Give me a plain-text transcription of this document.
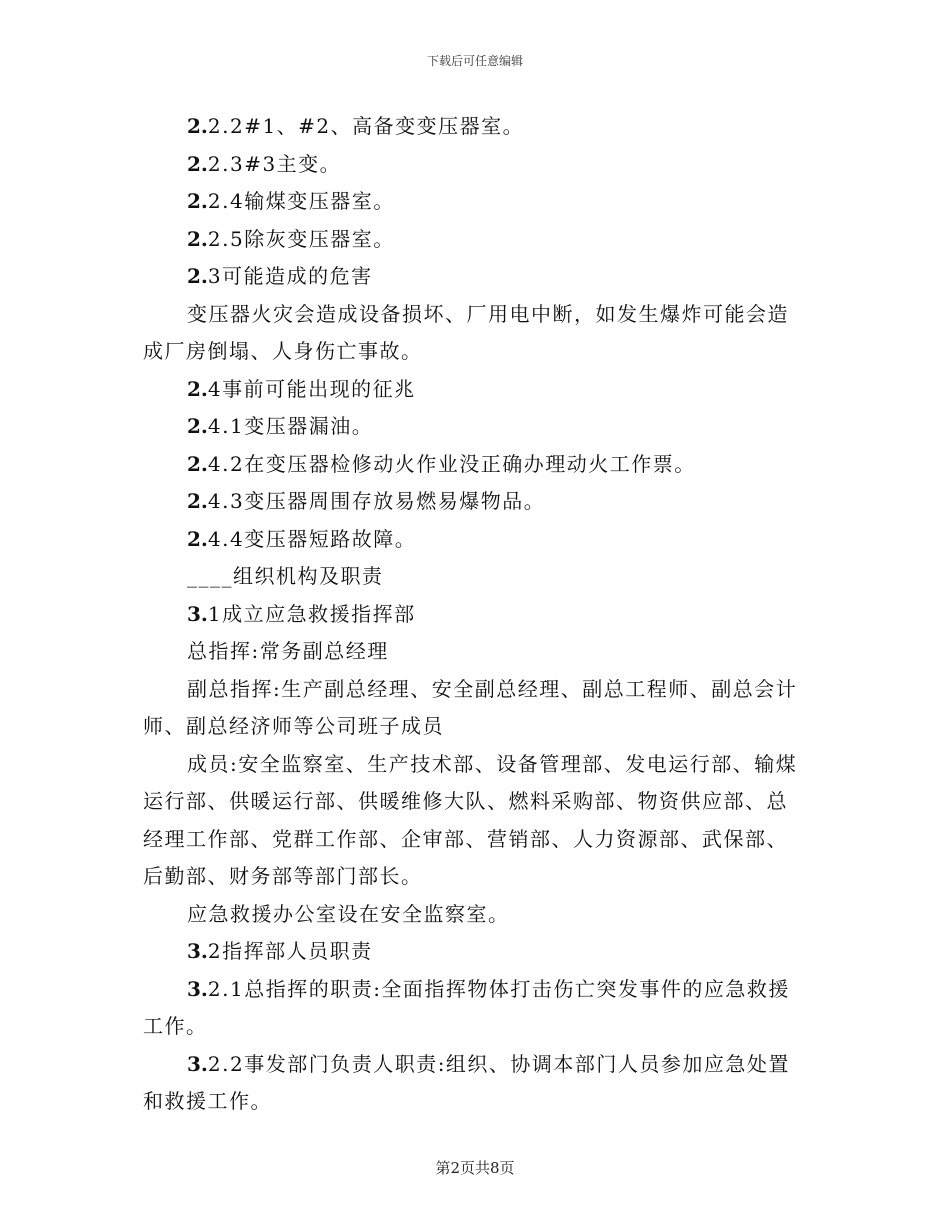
下载后可任意编辑
2.2.2#1、#2、高备变变压器室。
2.2.3#3主变。
2.2.4输煤变压器室。
2.2.5除灰变压器室。
2.3可能造成的危害
变压器火灾会造成设备损坏、厂用电中断，如发生爆炸可能会造
成厂房倒塌、人身伤亡事故。
2.4事前可能出现的征兆
2.4.1变压器漏油。
2.4.2在变压器检修动火作业没正确办理动火工作票。
2.4.3变压器周围存放易燃易爆物品。
2.4.4变压器短路故障。
____组织机构及职责
3.1成立应急救援指挥部
总指挥:常务副总经理
副总指挥:生产副总经理、安全副总经理、副总工程师、副总会计
师、副总经济师等公司班子成员
成员:安全监察室、生产技术部、设备管理部、发电运行部、输煤
运行部、供暖运行部、供暖维修大队、燃料采购部、物资供应部、总
经理工作部、党群工作部、企审部、营销部、人力资源部、武保部、
后勤部、财务部等部门部长。
应急救援办公室设在安全监察室。
3.2指挥部人员职责
3.2.1总指挥的职责:全面指挥物体打击伤亡突发事件的应急救援
工作。
3.2.2事发部门负责人职责:组织、协调本部门人员参加应急处置
和救援工作。
第2页共8页
